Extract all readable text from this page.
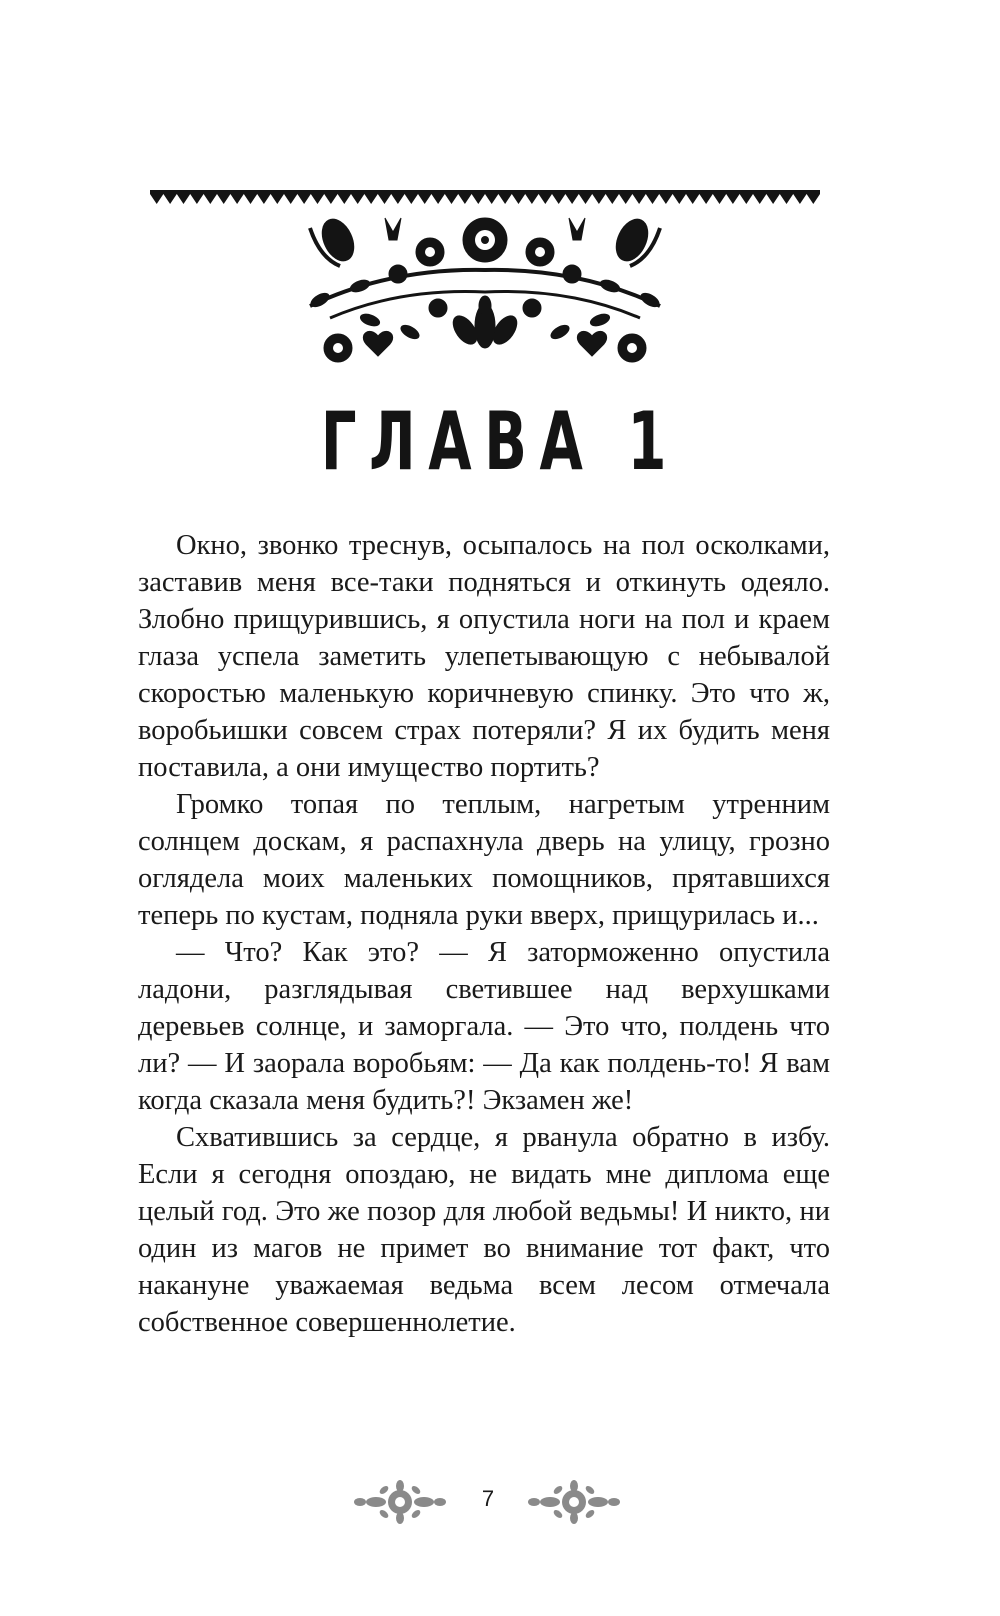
ГЛАВА 1

Окно, звонко треснув, осыпалось на пол осколками, заставив меня все-таки подняться и откинуть одеяло. Злобно прищурившись, я опустила ноги на пол и краем глаза успела заметить улепетывающую с небывалой скоростью маленькую коричневую спинку. Это что ж, воробьишки совсем страх потеряли? Я их будить меня поставила, а они имущество портить?

Громко топая по теплым, нагретым утренним солнцем доскам, я распахнула дверь на улицу, грозно оглядела моих маленьких помощников, прятавшихся теперь по кустам, подняла руки вверх, прищурилась и...

— Что? Как это? — Я заторможенно опустила ладони, разглядывая светившее над верхушками деревьев солнце, и заморгала. — Это что, полдень что ли? — И заорала воробьям: — Да как полдень-то! Я вам когда сказала меня будить?! Экзамен же!

Схватившись за сердце, я рванула обратно в избу. Если я сегодня опоздаю, не видать мне диплома еще целый год. Это же позор для любой ведьмы! И никто, ни один из магов не примет во внимание тот факт, что накануне уважаемая ведьма всем лесом отмечала собственное совершеннолетие.

7
